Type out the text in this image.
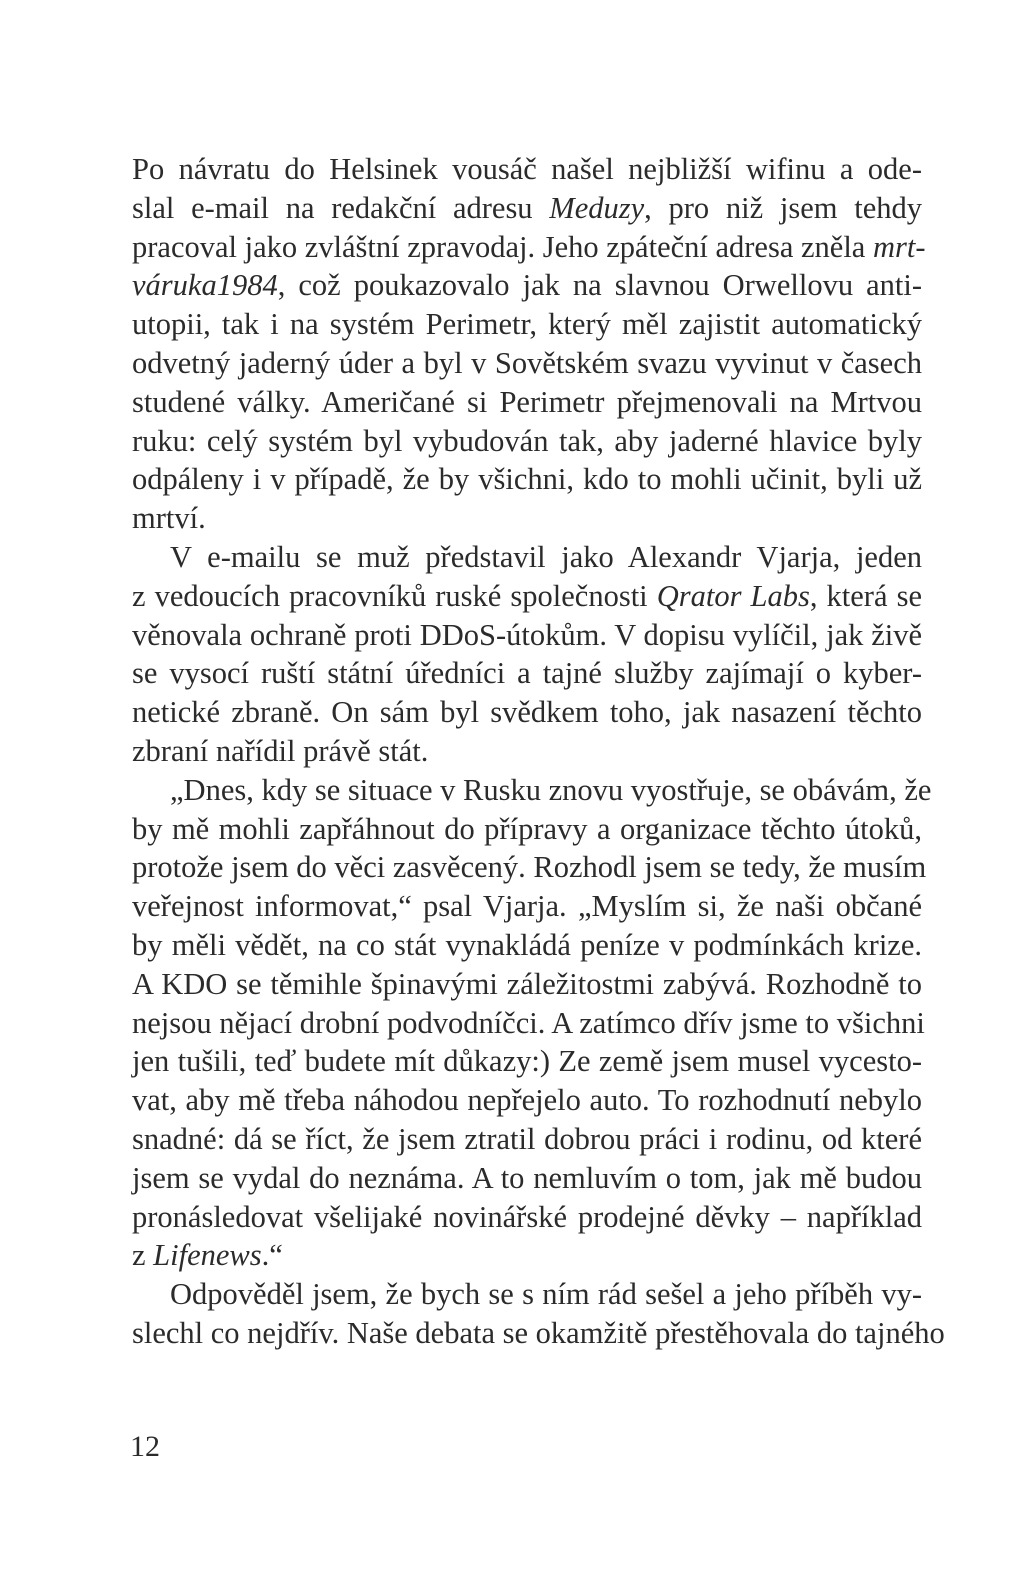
Po návratu do Helsinek vousáč našel nejbližší wifinu a ode-
slal e-mail na redakční adresu Meduzy, pro niž jsem tehdy
pracoval jako zvláštní zpravodaj. Jeho zpáteční adresa zněla mrt-
váruka1984, což poukazovalo jak na slavnou Orwellovu anti-
utopii, tak i na systém Perimetr, který měl zajistit automatický
odvetný jaderný úder a byl v Sovětském svazu vyvinut v časech
studené války. Američané si Perimetr přejmenovali na Mrtvou
ruku: celý systém byl vybudován tak, aby jaderné hlavice byly
odpáleny i v případě, že by všichni, kdo to mohli učinit, byli už
mrtví.
V e-mailu se muž představil jako Alexandr Vjarja, jeden
z vedoucích pracovníků ruské společnosti Qrator Labs, která se
věnovala ochraně proti DDoS-útokům. V dopisu vylíčil, jak živě
se vysocí ruští státní úředníci a tajné služby zajímají o kyber-
netické zbraně. On sám byl svědkem toho, jak nasazení těchto
zbraní nařídil právě stát.
„Dnes, kdy se situace v Rusku znovu vyostřuje, se obávám, že
by mě mohli zapřáhnout do přípravy a organizace těchto útoků,
protože jsem do věci zasvěcený. Rozhodl jsem se tedy, že musím
veřejnost informovat,“ psal Vjarja. „Myslím si, že naši občané
by měli vědět, na co stát vynakládá peníze v podmínkách krize.
A KDO se těmihle špinavými záležitostmi zabývá. Rozhodně to
nejsou nějací drobní podvodníčci. A zatímco dřív jsme to všichni
jen tušili, teď budete mít důkazy:) Ze země jsem musel vycesto-
vat, aby mě třeba náhodou nepřejelo auto. To rozhodnutí nebylo
snadné: dá se říct, že jsem ztratil dobrou práci i rodinu, od které
jsem se vydal do neznáma. A to nemluvím o tom, jak mě budou
pronásledovat všelijaké novinářské prodejné děvky – například
z Lifenews.“
Odpověděl jsem, že bych se s ním rád sešel a jeho příběh vy-
slechl co nejdřív. Naše debata se okamžitě přestěhovala do tajného
12
